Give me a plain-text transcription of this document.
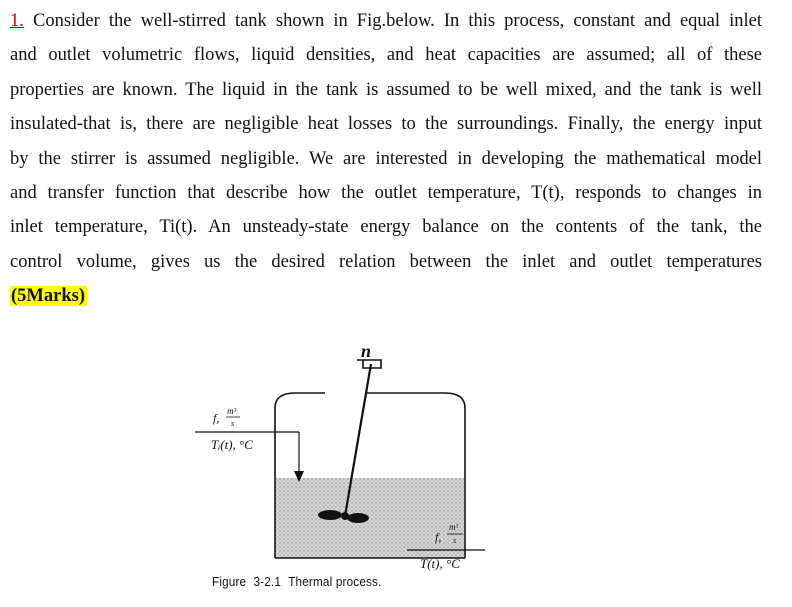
1. Consider the well-stirred tank shown in Fig.below. In this process, constant and equal inlet
and outlet volumetric flows, liquid densities, and heat capacities are assumed; all of these
properties are known. The liquid in the tank is assumed to be well mixed, and the tank is well
insulated-that is, there are negligible heat losses to the surroundings. Finally, the energy input
by the stirrer is assumed negligible. We are interested in developing the mathematical model
and transfer function that describe how the outlet temperature, T(t), responds to changes in
inlet temperature, Ti(t). An unsteady-state energy balance on the contents of the tank, the
control volume, gives us the desired relation between the inlet and outlet temperatures
(5Marks)
n
f, m³
s
Tᵢ(t), °C
f,
m³
s
T(t), °C
Figure 3-2.1 Thermal process.
